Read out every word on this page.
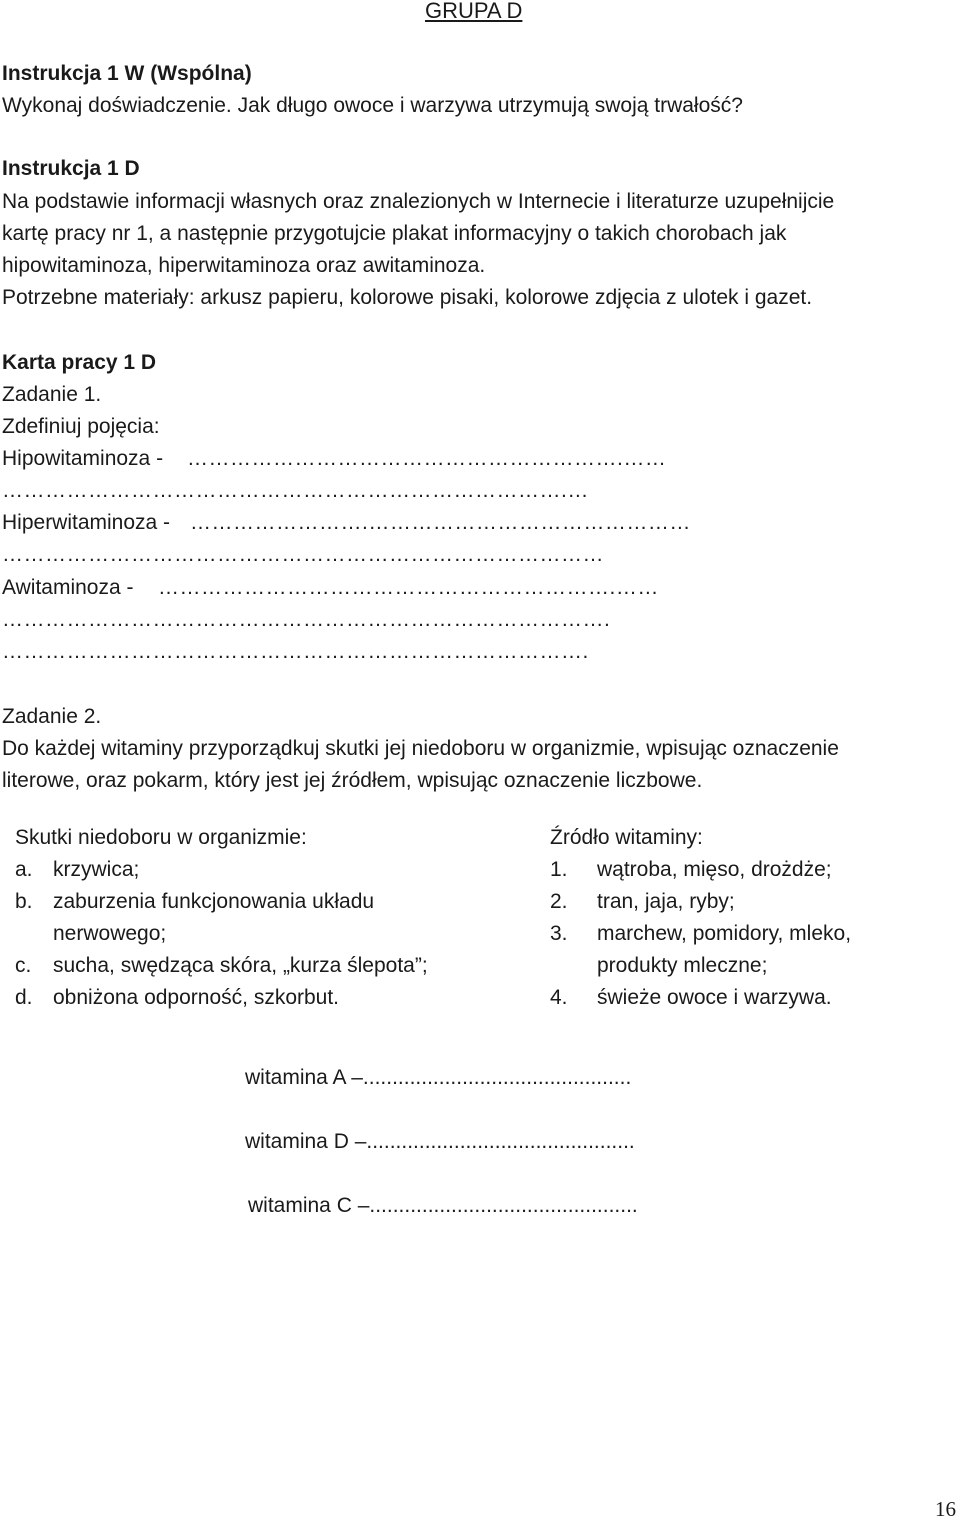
GRUPA D
Instrukcja 1 W (Wspólna)
Wykonaj doświadczenie. Jak długo owoce i warzywa utrzymują swoją trwałość?
Instrukcja 1 D
Na podstawie informacji własnych oraz znalezionych w Internecie i literaturze uzupełnijcie
kartę pracy nr 1, a następnie przygotujcie plakat informacyjny o takich chorobach jak
hipowitaminoza, hiperwitaminoza oraz awitaminoza.
Potrzebne materiały: arkusz papieru, kolorowe pisaki, kolorowe zdjęcia z ulotek i gazet.
Karta pracy 1 D
Zadanie 1.
Zdefiniuj pojęcia:
Hipowitaminoza - …………………………………………………….……
…………………………………………………………………….…
Hiperwitaminoza - …………………….………………………………………
…………………………………………………………………………
Awitaminoza - ……………………………………………………….……
………………………………………………………………………….
……………………………………………………………………….
Zadanie 2.
Do każdej witaminy przyporządkuj skutki jej niedoboru w organizmie, wpisując oznaczenie
literowe, oraz pokarm, który jest jej źródłem, wpisując oznaczenie liczbowe.
Skutki niedoboru w organizmie:
a. krzywica;
b. zaburzenia funkcjonowania układu nerwowego;
c. sucha, swędząca skóra, „kurza ślepota”;
d. obniżona odporność, szkorbut.
Źródło witaminy:
1. wątroba, mięso, drożdże;
2. tran, jaja, ryby;
3. marchew, pomidory, mleko, produkty mleczne;
4. świeże owoce i warzywa.
witamina A –..............................................
witamina D –..............................................
witamina C –..............................................
16
